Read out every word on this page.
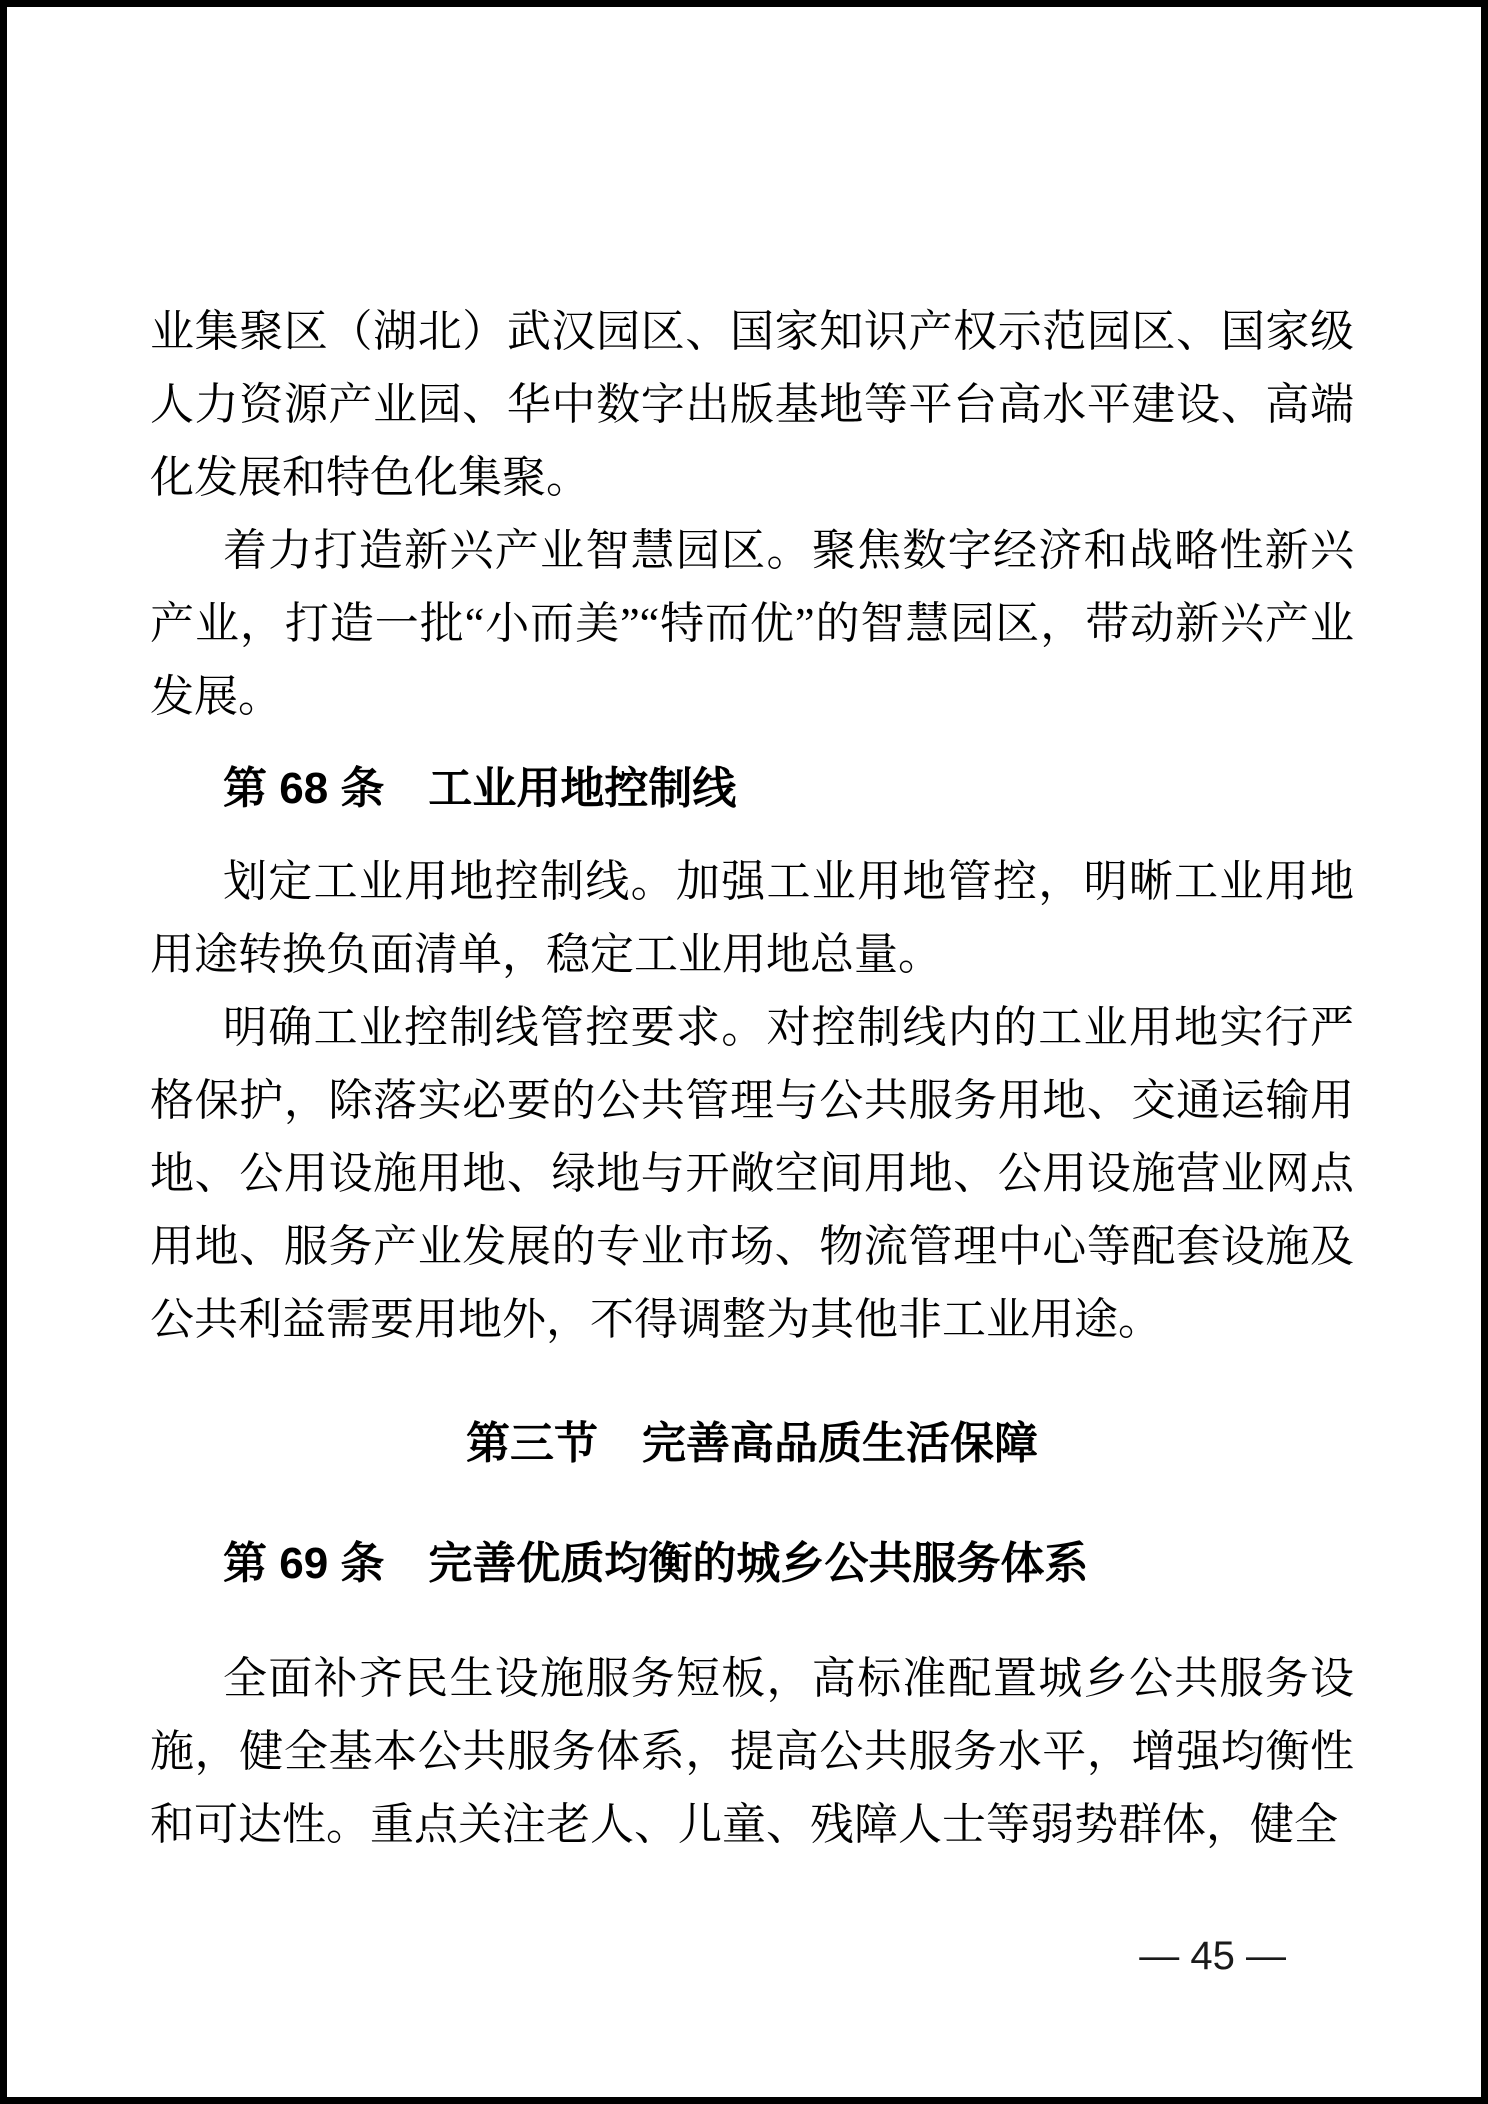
业集聚区（湖北）武汉园区、国家知识产权示范园区、国家级人力资源产业园、华中数字出版基地等平台高水平建设、高端化发展和特色化集聚。

着力打造新兴产业智慧园区。聚焦数字经济和战略性新兴产业，打造一批“小而美”“特而优”的智慧园区，带动新兴产业发展。

第 68 条　工业用地控制线

划定工业用地控制线。加强工业用地管控，明晰工业用地用途转换负面清单，稳定工业用地总量。

明确工业控制线管控要求。对控制线内的工业用地实行严格保护，除落实必要的公共管理与公共服务用地、交通运输用地、公用设施用地、绿地与开敞空间用地、公用设施营业网点用地、服务产业发展的专业市场、物流管理中心等配套设施及公共利益需要用地外，不得调整为其他非工业用途。

第三节　完善高品质生活保障
第 69 条　完善优质均衡的城乡公共服务体系

全面补齐民生设施服务短板，高标准配置城乡公共服务设施，健全基本公共服务体系，提高公共服务水平，增强均衡性和可达性。重点关注老人、儿童、残障人士等弱势群体，健全

— 45 —
